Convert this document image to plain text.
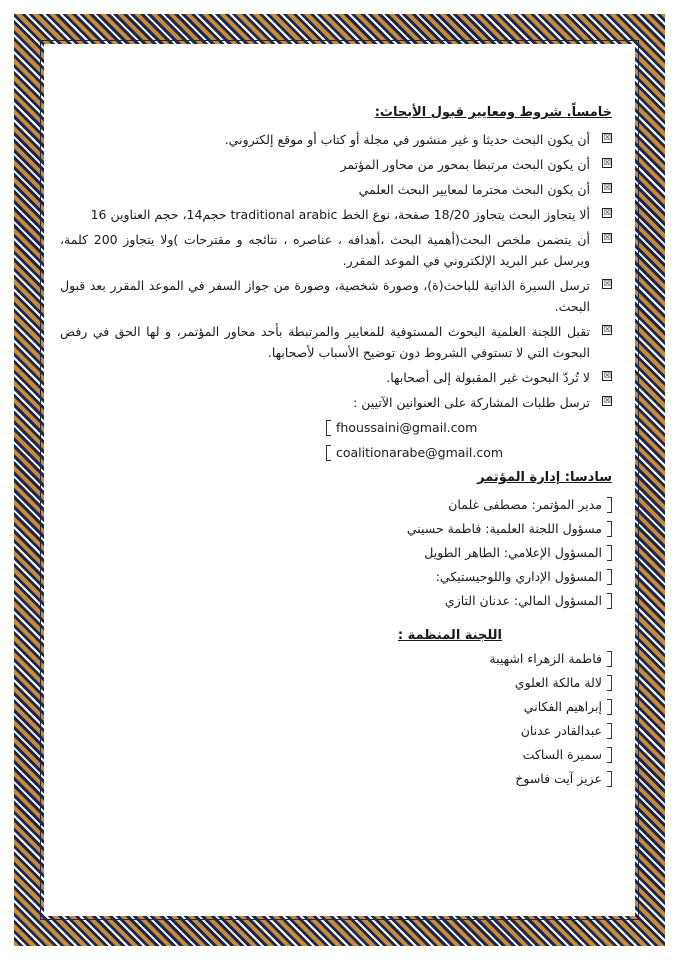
خامساً. شروط ومعايير قبول الأبحاث:
☒
أن يكون البحث حديثا و غير منشور في مجلة أو كتاب أو موقع إلكتروني.
☒
أن يكون البحث مرتبطا بمحور من محاور المؤتمر
☒
أن يكون البحث محترما لمعايير البحث العلمي
☒
ألا يتجاوز البحث يتجاوز 18/20 صفحة، نوع الخط traditional arabic حجم14، حجم العناوين 16
☒
أن يتضمن ملخص البحث(أهمية البحث ،أهدافه ، عناصره ، نتائجه و مقترحات )ولا يتجاوز 200 كلمة، ويرسل عبر البريد الإلكتروني في الموعد المقرر.
☒
ترسل السيرة الذاتية للباحث(ة)، وصورة شخصية، وصورة من جواز السفر في الموعد المقرر بعد قبول البحث.
☒
تقبل اللجنة العلمية البحوث المستوفية للمعايير والمرتبطة بأحد محاور المؤتمر، و لها الحق في رفض البحوث التي لا تستوفي الشروط دون توضيح الأسباب لأصحابها.
☒
لا تُردّ البحوث غير المقبولة إلى أصحابها.
☒
ترسل طلبات المشاركة على العنوانين الآتيين :
fhoussaini@gmail.com
coalitionarabe@gmail.com
سادسا: إدارة المؤتمر
مدير المؤتمر: مصطفى غلمان
مسؤول اللجنة العلمية: فاطمة حسيني
المسؤول الإعلامي: الطاهر الطويل
المسؤول الإداري واللوجيستيكي:
المسؤول المالي: عدنان التازي
اللجنة المنظمة :
فاطمة الزهراء اشهيبة
لالة مالكة العلوي
إبراهيم الفكاني
عبدالقادر عدنان
سميرة الساكت
عزيز آيت فاسوخ
